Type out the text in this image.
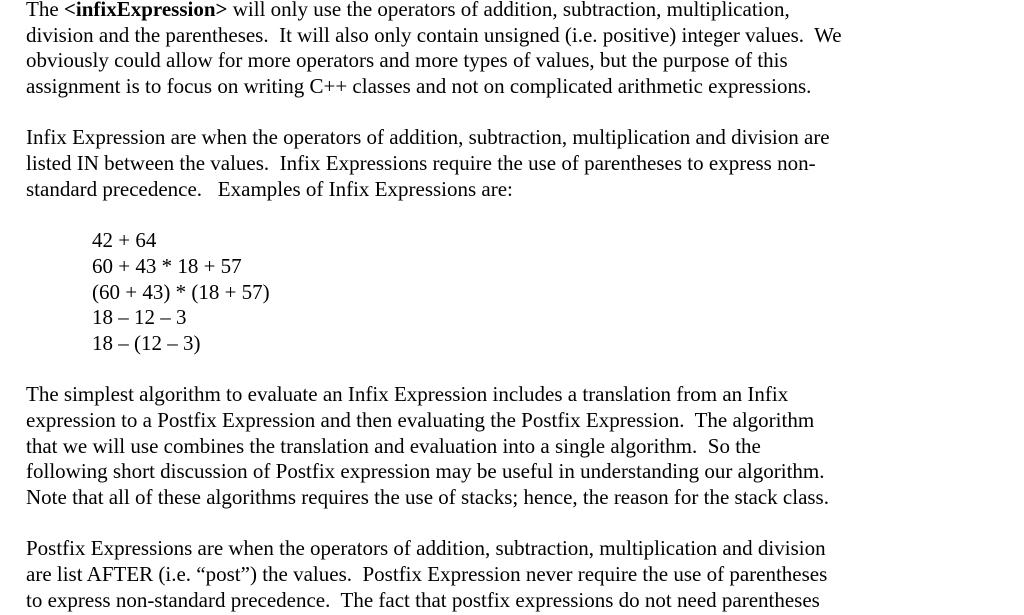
The <infixExpression> will only use the operators of addition, subtraction, multiplication,
division and the parentheses.  It will also only contain unsigned (i.e. positive) integer values.  We
obviously could allow for more operators and more types of values, but the purpose of this
assignment is to focus on writing C++ classes and not on complicated arithmetic expressions.
Infix Expression are when the operators of addition, subtraction, multiplication and division are
listed IN between the values.  Infix Expressions require the use of parentheses to express non-
standard precedence.   Examples of Infix Expressions are:
42 + 64
60 + 43 * 18 + 57
(60 + 43) * (18 + 57)
18 – 12 – 3
18 – (12 – 3)
The simplest algorithm to evaluate an Infix Expression includes a translation from an Infix
expression to a Postfix Expression and then evaluating the Postfix Expression.  The algorithm
that we will use combines the translation and evaluation into a single algorithm.  So the
following short discussion of Postfix expression may be useful in understanding our algorithm.
Note that all of these algorithms requires the use of stacks; hence, the reason for the stack class.
Postfix Expressions are when the operators of addition, subtraction, multiplication and division
are list AFTER (i.e. “post”) the values.  Postfix Expression never require the use of parentheses
to express non-standard precedence.  The fact that postfix expressions do not need parentheses
